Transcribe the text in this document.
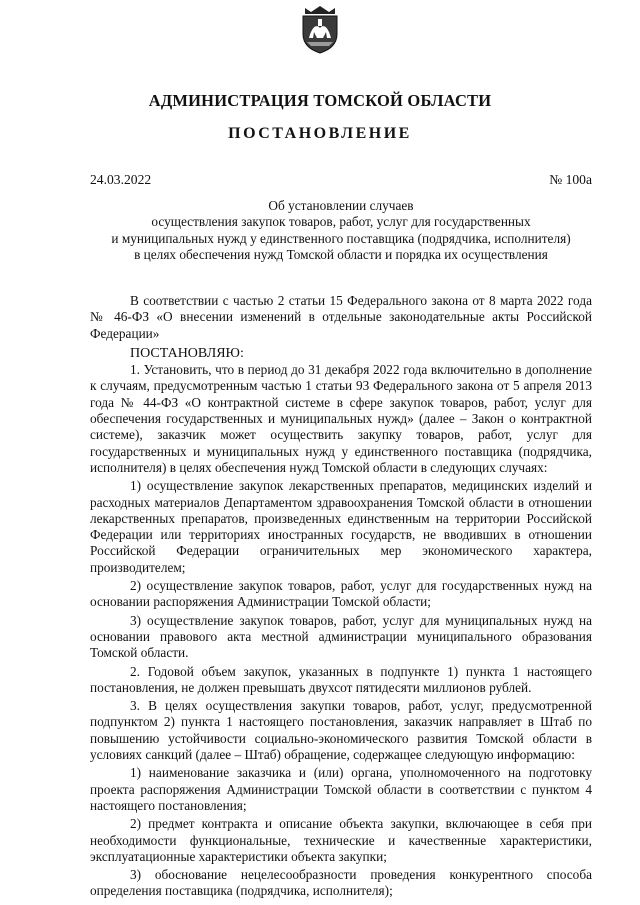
АДМИНИСТРАЦИЯ ТОМСКОЙ ОБЛАСТИ
ПОСТАНОВЛЕНИЕ
24.03.2022	№ 100а
Об установлении случаев
осуществления закупок товаров, работ, услуг для государственных
и муниципальных нужд у единственного поставщика (подрядчика, исполнителя)
в целях обеспечения нужд Томской области и порядка их осуществления

В соответствии с частью 2 статьи 15 Федерального закона от 8 марта 2022 года № 46-ФЗ «О внесении изменений в отдельные законодательные акты Российской Федерации»

ПОСТАНОВЛЯЮ:

1. Установить, что в период до 31 декабря 2022 года включительно в дополнение к случаям, предусмотренным частью 1 статьи 93 Федерального закона от 5 апреля 2013 года № 44-ФЗ «О контрактной системе в сфере закупок товаров, работ, услуг для обеспечения государственных и муниципальных нужд» (далее – Закон о контрактной системе), заказчик может осуществить закупку товаров, работ, услуг для государственных и муниципальных нужд у единственного поставщика (подрядчика, исполнителя) в целях обеспечения нужд Томской области в следующих случаях:

1) осуществление закупок лекарственных препаратов, медицинских изделий и расходных материалов Департаментом здравоохранения Томской области в отношении лекарственных препаратов, произведенных единственным на территории Российской Федерации или территориях иностранных государств, не вводивших в отношении Российской Федерации ограничительных мер экономического характера, производителем;

2) осуществление закупок товаров, работ, услуг для государственных нужд на основании распоряжения Администрации Томской области;

3) осуществление закупок товаров, работ, услуг для муниципальных нужд на основании правового акта местной администрации муниципального образования Томской области.

2. Годовой объем закупок, указанных в подпункте 1) пункта 1 настоящего постановления, не должен превышать двухсот пятидесяти миллионов рублей.

3. В целях осуществления закупки товаров, работ, услуг, предусмотренной подпунктом 2) пункта 1 настоящего постановления, заказчик направляет в Штаб по повышению устойчивости социально-экономического развития Томской области в условиях санкций (далее – Штаб) обращение, содержащее следующую информацию:

1) наименование заказчика и (или) органа, уполномоченного на подготовку проекта распоряжения Администрации Томской области в соответствии с пунктом 4 настоящего постановления;

2) предмет контракта и описание объекта закупки, включающее в себя при необходимости функциональные, технические и качественные характеристики, эксплуатационные характеристики объекта закупки;

3) обоснование нецелесообразности проведения конкурентного способа определения поставщика (подрядчика, исполнителя);
